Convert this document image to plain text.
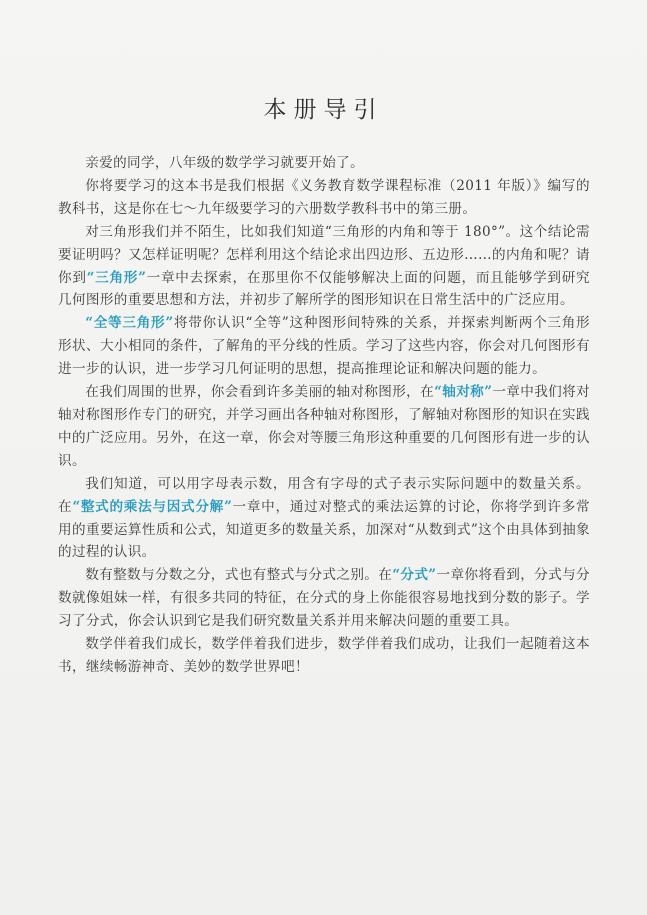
本册导引

亲爱的同学，八年级的数学学习就要开始了。

你将要学习的这本书是我们根据《义务教育数学课程标准（2011 年版）》编写的教科书，这是你在七～九年级要学习的六册数学教科书中的第三册。

对三角形我们并不陌生，比如我们知道“三角形的内角和等于 180°”。这个结论需要证明吗？又怎样证明呢？怎样利用这个结论求出四边形、五边形……的内角和呢？请你到“三角形”一章中去探索，在那里你不仅能够解决上面的问题，而且能够学到研究几何图形的重要思想和方法，并初步了解所学的图形知识在日常生活中的广泛应用。

“全等三角形”将带你认识“全等”这种图形间特殊的关系，并探索判断两个三角形形状、大小相同的条件，了解角的平分线的性质。学习了这些内容，你会对几何图形有进一步的认识，进一步学习几何证明的思想，提高推理论证和解决问题的能力。

在我们周围的世界，你会看到许多美丽的轴对称图形，在“轴对称”一章中我们将对轴对称图形作专门的研究，并学习画出各种轴对称图形，了解轴对称图形的知识在实践中的广泛应用。另外，在这一章，你会对等腰三角形这种重要的几何图形有进一步的认识。

我们知道，可以用字母表示数，用含有字母的式子表示实际问题中的数量关系。在“整式的乘法与因式分解”一章中，通过对整式的乘法运算的讨论，你将学到许多常用的重要运算性质和公式，知道更多的数量关系，加深对“从数到式”这个由具体到抽象的过程的认识。

数有整数与分数之分，式也有整式与分式之别。在“分式”一章你将看到，分式与分数就像姐妹一样，有很多共同的特征，在分式的身上你能很容易地找到分数的影子。学习了分式，你会认识到它是我们研究数量关系并用来解决问题的重要工具。

数学伴着我们成长，数学伴着我们进步，数学伴着我们成功，让我们一起随着这本书，继续畅游神奇、美妙的数学世界吧！
